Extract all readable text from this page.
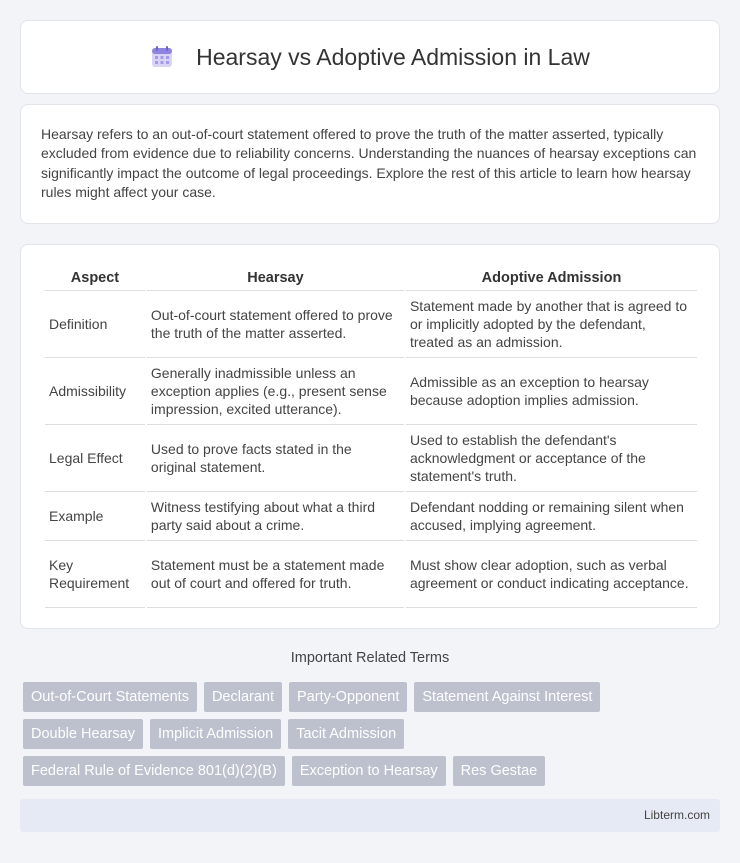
Hearsay vs Adoptive Admission in Law

Hearsay refers to an out-of-court statement offered to prove the truth of the matter asserted, typically excluded from evidence due to reliability concerns. Understanding the nuances of hearsay exceptions can significantly impact the outcome of legal proceedings. Explore the rest of this article to learn how hearsay rules might affect your case.

Aspect	Hearsay	Adoptive Admission
Definition	Out-of-court statement offered to prove the truth of the matter asserted.	Statement made by another that is agreed to or implicitly adopted by the defendant, treated as an admission.
Admissibility	Generally inadmissible unless an exception applies (e.g., present sense impression, excited utterance).	Admissible as an exception to hearsay because adoption implies admission.
Legal Effect	Used to prove facts stated in the original statement.	Used to establish the defendant's acknowledgment or acceptance of the statement's truth.
Example	Witness testifying about what a third party said about a crime.	Defendant nodding or remaining silent when accused, implying agreement.
Key Requirement	Statement must be a statement made out of court and offered for truth.	Must show clear adoption, such as verbal agreement or conduct indicating acceptance.
Important Related Terms
Out-of-Court Statements	Declarant	Party-Opponent	Statement Against Interest
Double Hearsay	Implicit Admission	Tacit Admission
Federal Rule of Evidence 801(d)(2)(B)	Exception to Hearsay	Res Gestae
Libterm.com
